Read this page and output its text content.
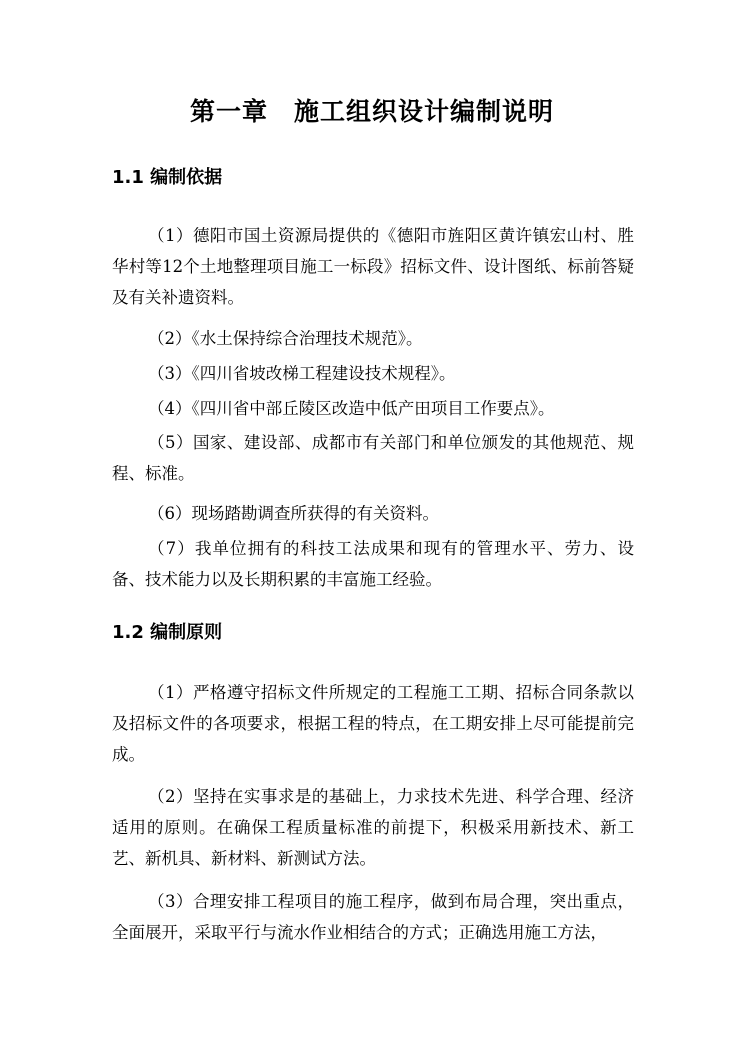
第一章　施工组织设计编制说明
1.1 编制依据

（1）德阳市国土资源局提供的《德阳市旌阳区黄许镇宏山村、胜华村等12个土地整理项目施工一标段》招标文件、设计图纸、标前答疑及有关补遗资料。

（2）《水土保持综合治理技术规范》。

（3）《四川省坡改梯工程建设技术规程》。

（4）《四川省中部丘陵区改造中低产田项目工作要点》。

（5）国家、建设部、成都市有关部门和单位颁发的其他规范、规程、标准。

（6）现场踏勘调查所获得的有关资料。

（7）我单位拥有的科技工法成果和现有的管理水平、劳力、设备、技术能力以及长期积累的丰富施工经验。

1.2 编制原则

（1）严格遵守招标文件所规定的工程施工工期、招标合同条款以及招标文件的各项要求，根据工程的特点，在工期安排上尽可能提前完成。

（2）坚持在实事求是的基础上，力求技术先进、科学合理、经济适用的原则。在确保工程质量标准的前提下，积极采用新技术、新工艺、新机具、新材料、新测试方法。

（3）合理安排工程项目的施工程序，做到布局合理，突出重点，全面展开，采取平行与流水作业相结合的方式；正确选用施工方法，
